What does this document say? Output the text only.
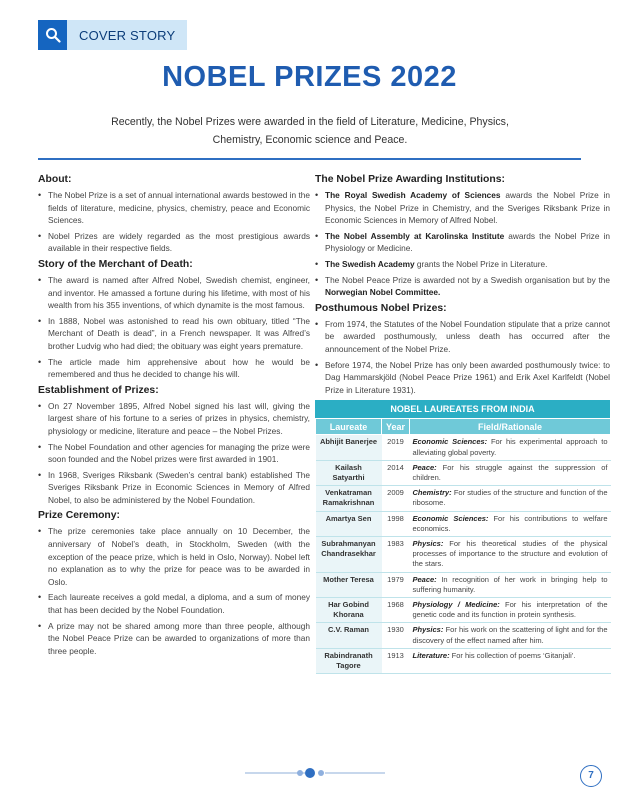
COVER STORY
NOBEL PRIZES 2022
Recently, the Nobel Prizes were awarded in the field of Literature, Medicine, Physics, Chemistry, Economic science and Peace.
About:
• The Nobel Prize is a set of annual international awards bestowed in the fields of literature, medicine, physics, chemistry, peace and Economic Sciences.
• Nobel Prizes are widely regarded as the most prestigious awards available in their respective fields.
Story of the Merchant of Death:
• The award is named after Alfred Nobel, Swedish chemist, engineer, and inventor. He amassed a fortune during his lifetime, with most of his wealth from his 355 inventions, of which dynamite is the most famous.
• In 1888, Nobel was astonished to read his own obituary, titled “The Merchant of Death is dead”, in a French newspaper. It was Alfred’s brother Ludvig who had died; the obituary was eight years premature.
• The article made him apprehensive about how he would be remembered and thus he decided to change his will.
Establishment of Prizes:
• On 27 November 1895, Alfred Nobel signed his last will, giving the largest share of his fortune to a series of prizes in physics, chemistry, physiology or medicine, literature and peace – the Nobel Prizes.
• The Nobel Foundation and other agencies for managing the prize were soon founded and the Nobel prizes were first awarded in 1901.
• In 1968, Sveriges Riksbank (Sweden’s central bank) established The Sveriges Riksbank Prize in Economic Sciences in Memory of Alfred Nobel, to also be administered by the Nobel Foundation.
Prize Ceremony:
• The prize ceremonies take place annually on 10 December, the anniversary of Nobel’s death, in Stockholm, Sweden (with the exception of the peace prize, which is held in Oslo, Norway). Nobel left no explanation as to why the prize for peace was to be awarded in Oslo.
• Each laureate receives a gold medal, a diploma, and a sum of money that has been decided by the Nobel Foundation.
• A prize may not be shared among more than three people, although the Nobel Peace Prize can be awarded to organizations of more than three people.
The Nobel Prize Awarding Institutions:
• The Royal Swedish Academy of Sciences awards the Nobel Prize in Physics, the Nobel Prize in Chemistry, and the Sveriges Riksbank Prize in Economic Sciences in Memory of Alfred Nobel.
• The Nobel Assembly at Karolinska Institute awards the Nobel Prize in Physiology or Medicine.
• The Swedish Academy grants the Nobel Prize in Literature.
• The Nobel Peace Prize is awarded not by a Swedish organisation but by the Norwegian Nobel Committee.
Posthumous Nobel Prizes:
• From 1974, the Statutes of the Nobel Foundation stipulate that a prize cannot be awarded posthumously, unless death has occurred after the announcement of the Nobel Prize.
• Before 1974, the Nobel Prize has only been awarded posthumously twice: to Dag Hammarskjöld (Nobel Peace Prize 1961) and Erik Axel Karlfeldt (Nobel Prize in Literature 1931).
NOBEL LAUREATES FROM INDIA
Laureate	Year	Field/Rationale
Abhijit Banerjee	2019	Economic Sciences: For his experimental approach to alleviating global poverty.
Kailash Satyarthi	2014	Peace: For his struggle against the suppression of children.
Venkatraman Ramakrishnan	2009	Chemistry: For studies of the structure and function of the ribosome.
Amartya Sen	1998	Economic Sciences: For his contributions to welfare economics.
Subrahmanyan Chandrasekhar	1983	Physics: For his theoretical studies of the physical processes of importance to the structure and evolution of the stars.
Mother Teresa	1979	Peace: In recognition of her work in bringing help to suffering humanity.
Har Gobind Khorana	1968	Physiology / Medicine: For his interpretation of the genetic code and its function in protein synthesis.
C.V. Raman	1930	Physics: For his work on the scattering of light and for the discovery of the effect named after him.
Rabindranath Tagore	1913	Literature: For his collection of poems ‘Gitanjali’.
7
